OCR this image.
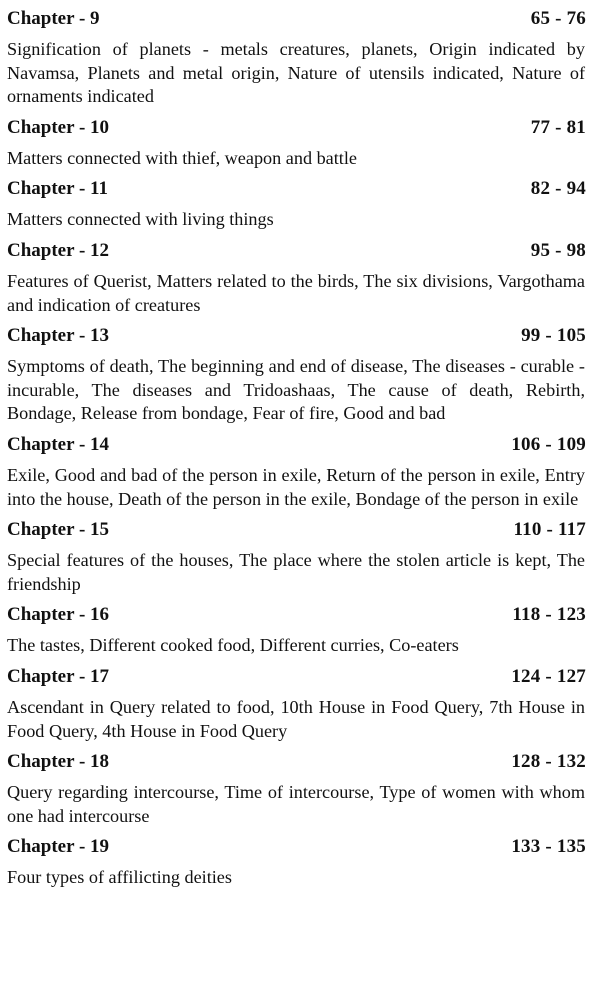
Chapter - 9	65 - 76
Signification of planets - metals creatures, planets, Origin indicated by Navamsa, Planets and metal origin, Nature of utensils indicated, Nature of ornaments indicated
Chapter - 10	77 - 81
Matters connected with thief, weapon and battle
Chapter - 11	82 - 94
Matters connected with living things
Chapter - 12	95 - 98
Features of Querist, Matters related to the birds, The six divisions, Vargothama and indication of creatures
Chapter - 13	99 - 105
Symptoms of death, The beginning and end of disease, The diseases - curable - incurable, The diseases and Tridoashaas, The cause of death, Rebirth, Bondage, Release from bondage, Fear of fire, Good and bad
Chapter - 14	106 - 109
Exile, Good and bad of the person in exile, Return of the person in exile, Entry into the house, Death of the person in the exile, Bondage of the person in exile
Chapter - 15	110 - 117
Special features of the houses, The place where the stolen article is kept, The friendship
Chapter - 16	118 - 123
The tastes, Different cooked food, Different curries, Co-eaters
Chapter - 17	124 - 127
Ascendant in Query related to food, 10th House in Food Query, 7th House in Food Query, 4th House in Food Query
Chapter - 18	128 - 132
Query regarding intercourse, Time of intercourse, Type of women with whom one had intercourse
Chapter - 19	133 - 135
Four types of affilicting deities
